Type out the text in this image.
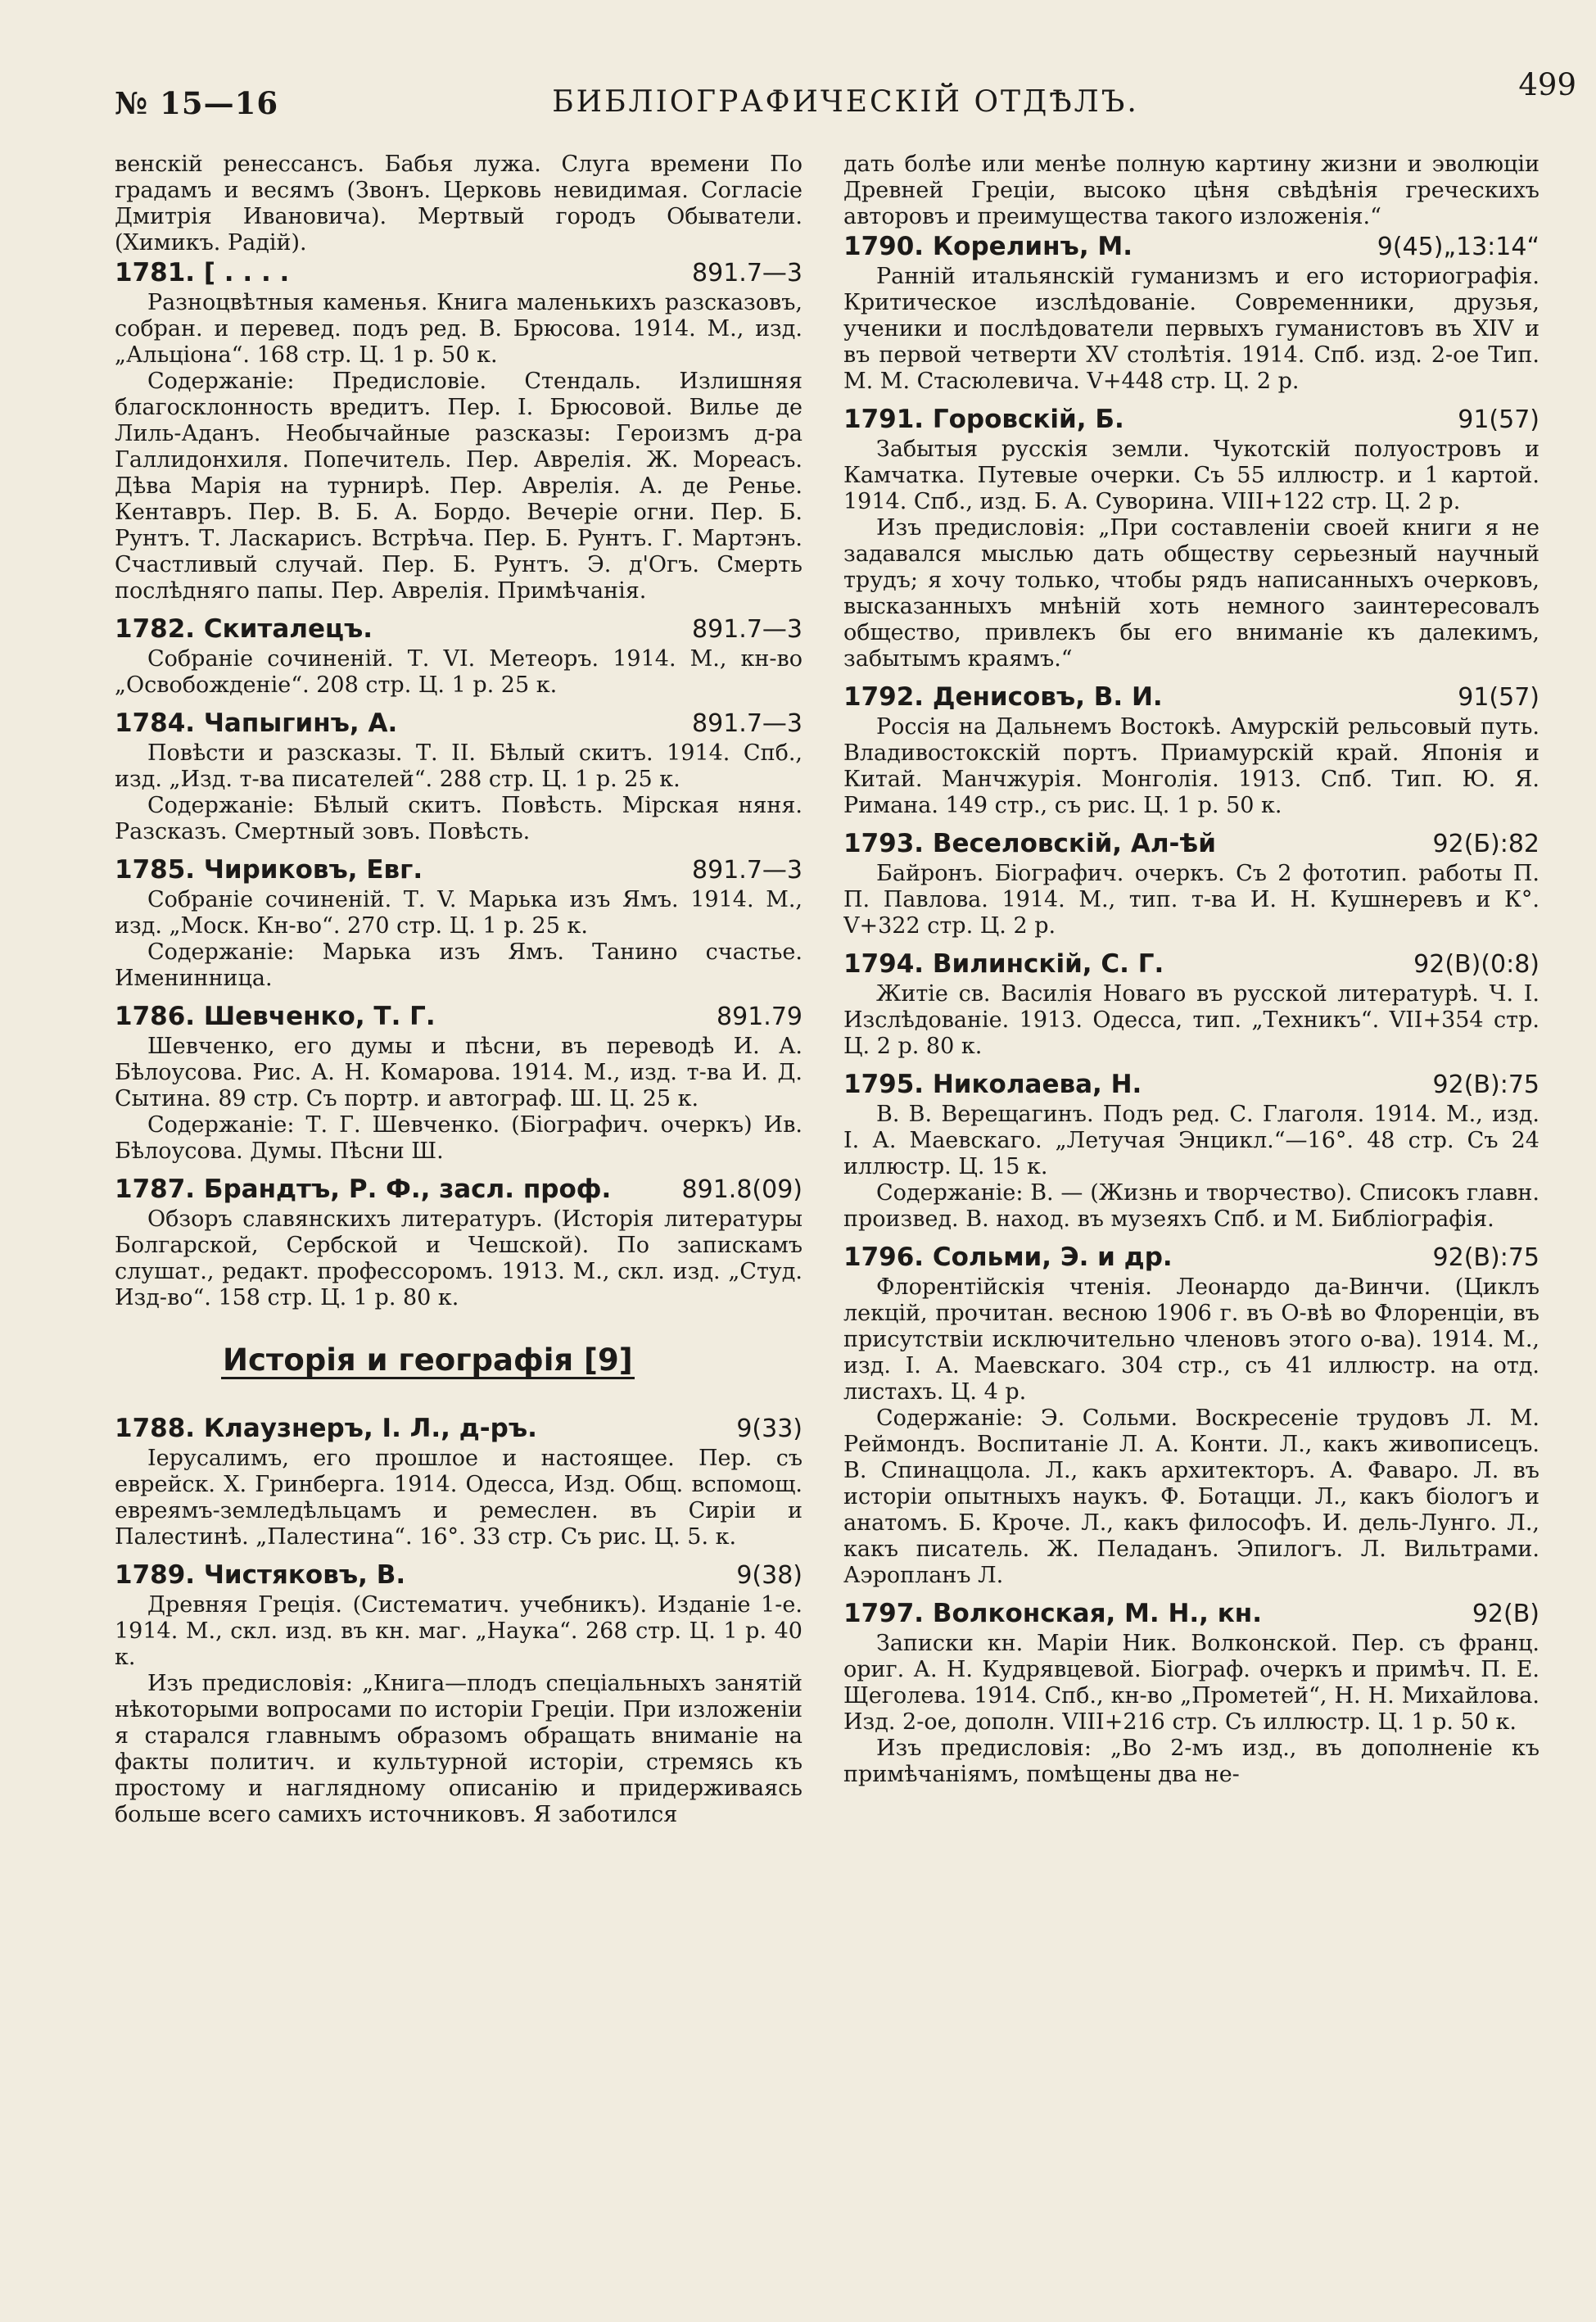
№ 15—16	БИБЛIОГРАФИЧЕСКIЙ ОТДѢЛЪ.	499

венскiй ренессансъ. Бабья лужа. Слуга времени По градамъ и весямъ (Звонъ. Церковь невидимая. Согласiе Дмитрiя Ивановича). Мертвый городъ Обыватели. (Химикъ. Радiй).

1781. [ . . . .	891.7—3

Разноцвѣтныя каменья. Книга маленькихъ разсказовъ, собран. и перевед. подъ ред. В. Брюсова. 1914. М., изд. „Альцiона“. 168 стр. Ц. 1 р. 50 к.

Содержанiе: Предисловiе. Стендаль. Излишняя благосклонность вредитъ. Пер. I. Брюсовой. Вилье де Лиль-Аданъ. Необычайные разсказы: Героизмъ д-ра Галлидонхиля. Попечитель. Пер. Аврелiя. Ж. Мореасъ. Дѣва Марiя на турнирѣ. Пер. Аврелiя. А. де Ренье. Кентавръ. Пер. В. Б. А. Бордо. Вечерiе огни. Пер. Б. Рунтъ. Т. Ласкарисъ. Встрѣча. Пер. Б. Рунтъ. Г. Мартэнъ. Счастливый случай. Пер. Б. Рунтъ. Э. д'Огъ. Смерть послѣдняго папы. Пер. Аврелiя. Примѣчанiя.

1782. Скиталецъ.	891.7—3

Собранiе сочиненiй. Т. VI. Метеоръ. 1914. М., кн-во „Освобожденiе“. 208 стр. Ц. 1 р. 25 к.

1784. Чапыгинъ, А.	891.7—3

Повѣсти и разсказы. Т. II. Бѣлый скитъ. 1914. Спб., изд. „Изд. т-ва писателей“. 288 стр. Ц. 1 р. 25 к.

Содержанiе: Бѣлый скитъ. Повѣсть. Мiрская няня. Разсказъ. Смертный зовъ. Повѣсть.

1785. Чириковъ, Евг.	891.7—3

Собранiе сочиненiй. Т. V. Марька изъ Ямъ. 1914. М., изд. „Моск. Кн-во“. 270 стр. Ц. 1 р. 25 к.

Содержанiе: Марька изъ Ямъ. Танино счастье. Именинница.

1786. Шевченко, Т. Г.	891.79

Шевченко, его думы и пѣсни, въ переводѣ И. А. Бѣлоусова. Рис. А. Н. Комарова. 1914. М., изд. т-ва И. Д. Сытина. 89 стр. Съ портр. и автограф. Ш. Ц. 25 к.

Содержанiе: Т. Г. Шевченко. (Бiографич. очеркъ) Ив. Бѣлоусова. Думы. Пѣсни Ш.

1787. Брандтъ, Р. Ф., засл. проф.	891.8(09)

Обзоръ славянскихъ литературъ. (Исторiя литературы Болгарской, Сербской и Чешской). По запискамъ слушат., редакт. профессоромъ. 1913. М., скл. изд. „Студ. Изд-во“. 158 стр. Ц. 1 р. 80 к.

Исторiя и географiя [9]
1788. Клаузнеръ, I. Л., д-ръ.	9(33)

Iерусалимъ, его прошлое и настоящее. Пер. съ еврейск. Х. Гринберга. 1914. Одесса, Изд. Общ. вспомощ. евреямъ-земледѣльцамъ и ремеслен. въ Сирiи и Палестинѣ. „Палестина“. 16°. 33 стр. Съ рис. Ц. 5. к.

1789. Чистяковъ, В.	9(38)

Древняя Грецiя. (Систематич. учебникъ). Изданiе 1-е. 1914. М., скл. изд. въ кн. маг. „Наука“. 268 стр. Ц. 1 р. 40 к.

Изъ предисловiя: „Книга—плодъ спецiальныхъ занятiй нѣкоторыми вопросами по исторiи Грецiи. При изложенiи я старался главнымъ образомъ обращать вниманiе на факты политич. и культурной исторiи, стремясь къ простому и наглядному описанiю и придерживаясь больше всего самихъ источниковъ. Я заботился

дать болѣе или менѣе полную картину жизни и эволюцiи Древней Грецiи, высоко цѣня свѣдѣнiя греческихъ авторовъ и преимущества такого изложенiя.“

1790. Корелинъ, М.	9(45)„13:14“

Раннiй итальянскiй гуманизмъ и его историографiя. Критическое изслѣдованiе. Современники, друзья, ученики и послѣдователи первыхъ гуманистовъ въ XIV и въ первой четверти XV столѣтiя. 1914. Спб. изд. 2-ое Тип. М. М. Стасюлевича. V+448 стр. Ц. 2 р.

1791. Горовскiй, Б.	91(57)

Забытыя русскiя земли. Чукотскiй полуостровъ и Камчатка. Путевые очерки. Съ 55 иллюстр. и 1 картой. 1914. Спб., изд. Б. А. Суворина. VIII+122 стр. Ц. 2 р.

Изъ предисловiя: „При составленiи своей книги я не задавался мыслью дать обществу серьезный научный трудъ; я хочу только, чтобы рядъ написанныхъ очерковъ, высказанныхъ мнѣнiй хоть немного заинтересовалъ общество, привлекъ бы его вниманiе къ далекимъ, забытымъ краямъ.“

1792. Денисовъ, В. И.	91(57)

Россiя на Дальнемъ Востокѣ. Амурскiй рельсовый путь. Владивостокскiй портъ. Приамурскiй край. Японiя и Китай. Манчжурiя. Монголiя. 1913. Спб. Тип. Ю. Я. Римана. 149 стр., съ рис. Ц. 1 р. 50 к.

1793. Веселовскiй, Ал-ѣй	92(Б):82

Байронъ. Бiографич. очеркъ. Съ 2 фототип. работы П. П. Павлова. 1914. М., тип. т-ва И. Н. Кушнеревъ и К°. V+322 стр. Ц. 2 р.

1794. Вилинскiй, С. Г.	92(В)(0:8)

Житiе св. Василiя Новаго въ русской литературѣ. Ч. I. Изслѣдованiе. 1913. Одесса, тип. „Техникъ“. VII+354 стр. Ц. 2 р. 80 к.

1795. Николаева, Н.	92(В):75

В. В. Верещагинъ. Подъ ред. С. Глаголя. 1914. М., изд. I. А. Маевскаго. „Летучая Энцикл.“—16°. 48 стр. Съ 24 иллюстр. Ц. 15 к.

Содержанiе: В. — (Жизнь и творчество). Списокъ главн. произвед. В. наход. въ музеяхъ Спб. и М. Библiографiя.

1796. Сольми, Э. и др.	92(В):75

Флорентiйскiя чтенiя. Леонардо да-Винчи. (Циклъ лекцiй, прочитан. весною 1906 г. въ О-вѣ во Флоренцiи, въ присутствiи исключительно членовъ этого о-ва). 1914. М., изд. I. А. Маевскаго. 304 стр., съ 41 иллюстр. на отд. листахъ. Ц. 4 р.

Содержанiе: Э. Сольми. Воскресенiе трудовъ Л. М. Реймондъ. Воспитанiе Л. А. Конти. Л., какъ живописецъ. В. Спинаццола. Л., какъ архитекторъ. А. Фаваро. Л. въ исторiи опытныхъ наукъ. Ф. Ботацци. Л., какъ бiологъ и анатомъ. Б. Кроче. Л., какъ философъ. И. дель-Лунго. Л., какъ писатель. Ж. Пеладанъ. Эпилогъ. Л. Вильтрами. Аэропланъ Л.

1797. Волконская, М. Н., кн.	92(В)

Записки кн. Марiи Ник. Волконской. Пер. съ франц. ориг. А. Н. Кудрявцевой. Бiограф. очеркъ и примѣч. П. Е. Щеголева. 1914. Спб., кн-во „Прометей“, Н. Н. Михайлова. Изд. 2-ое, дополн. VIII+216 стр. Съ иллюстр. Ц. 1 р. 50 к.

Изъ предисловiя: „Во 2-мъ изд., въ дополненiе къ примѣчанiямъ, помѣщены два не-
